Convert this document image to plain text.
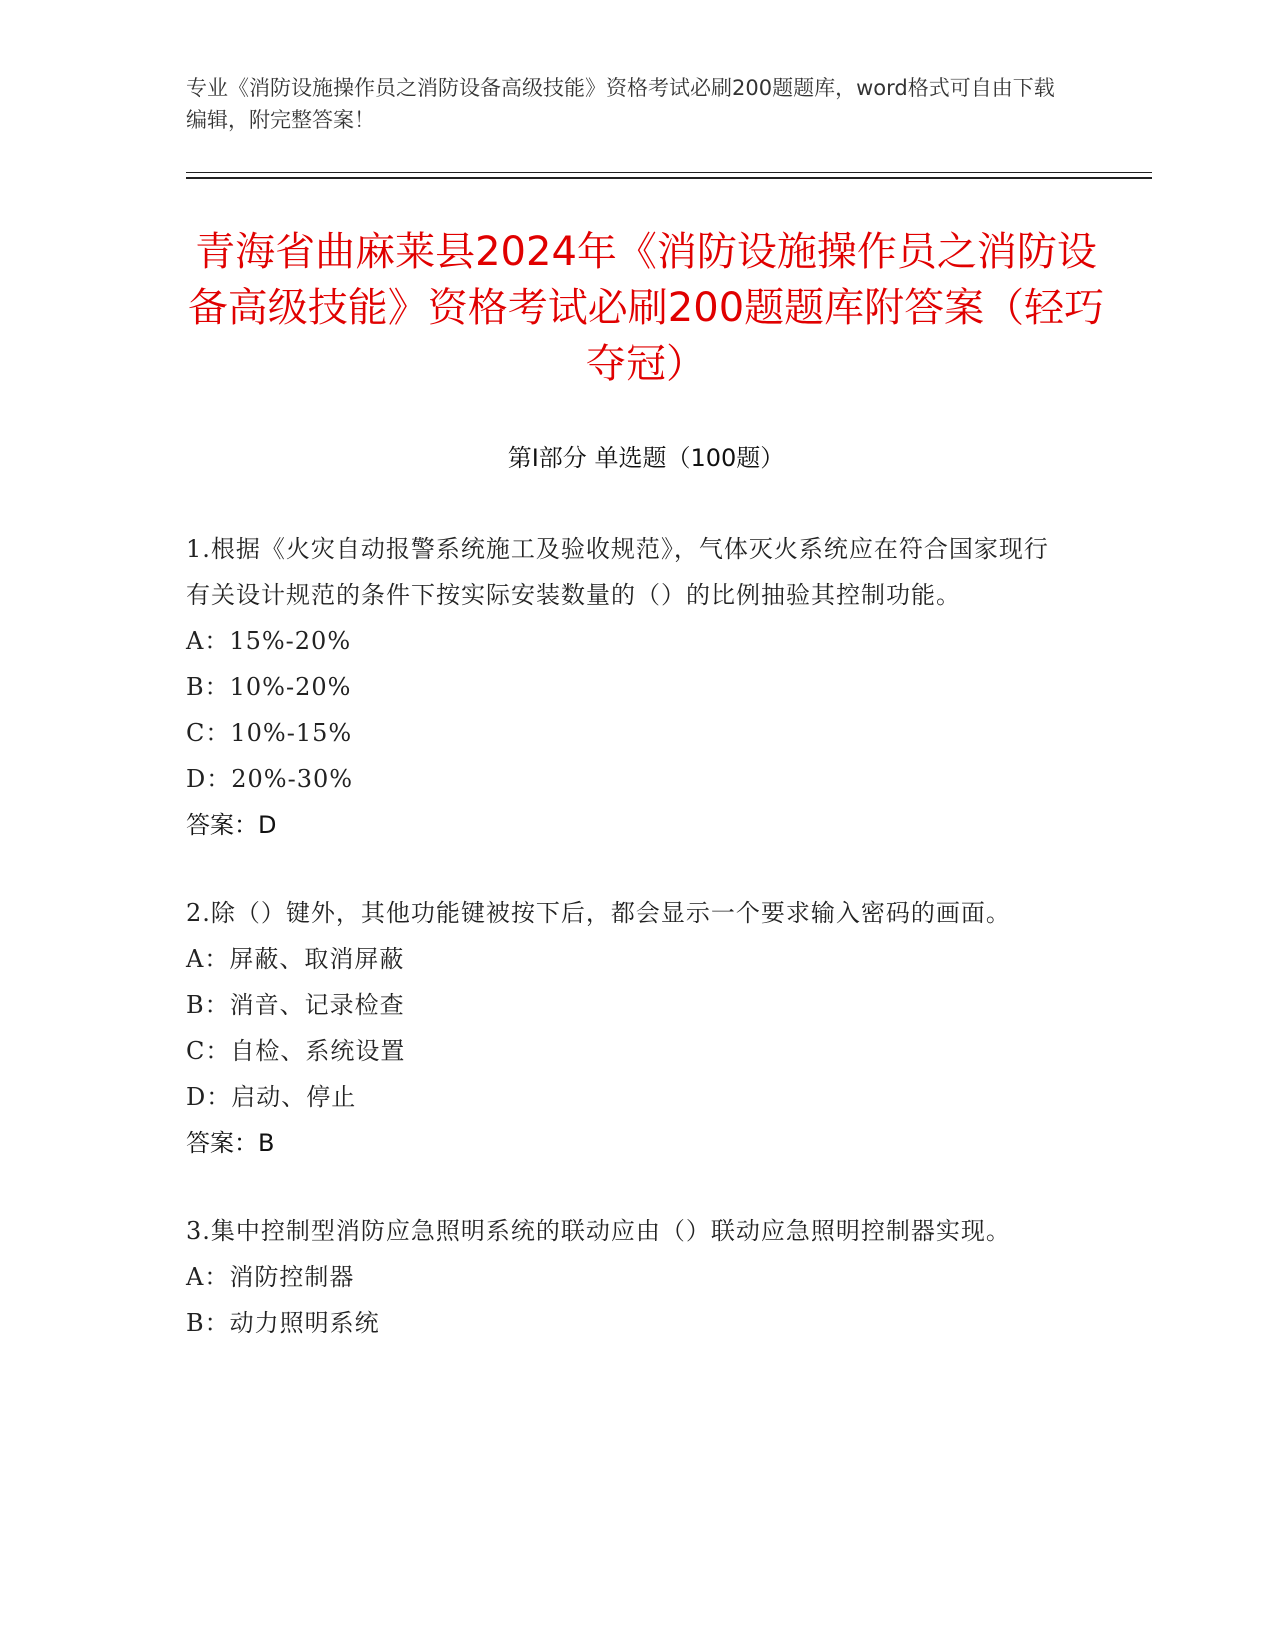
专业《消防设施操作员之消防设备高级技能》资格考试必刷200题题库，word格式可自由下载编辑，附完整答案！

青海省曲麻莱县2024年《消防设施操作员之消防设备高级技能》资格考试必刷200题题库附答案（轻巧夺冠）
第I部分 单选题（100题）

1.根据《火灾自动报警系统施工及验收规范》，气体灭火系统应在符合国家现行有关设计规范的条件下按实际安装数量的（）的比例抽验其控制功能。

A：15%-20%

B：10%-20%

C：10%-15%

D：20%-30%

答案：D

2.除（）键外，其他功能键被按下后，都会显示一个要求输入密码的画面。

A：屏蔽、取消屏蔽

B：消音、记录检查

C：自检、系统设置

D：启动、停止

答案：B

3.集中控制型消防应急照明系统的联动应由（）联动应急照明控制器实现。

A：消防控制器

B：动力照明系统
